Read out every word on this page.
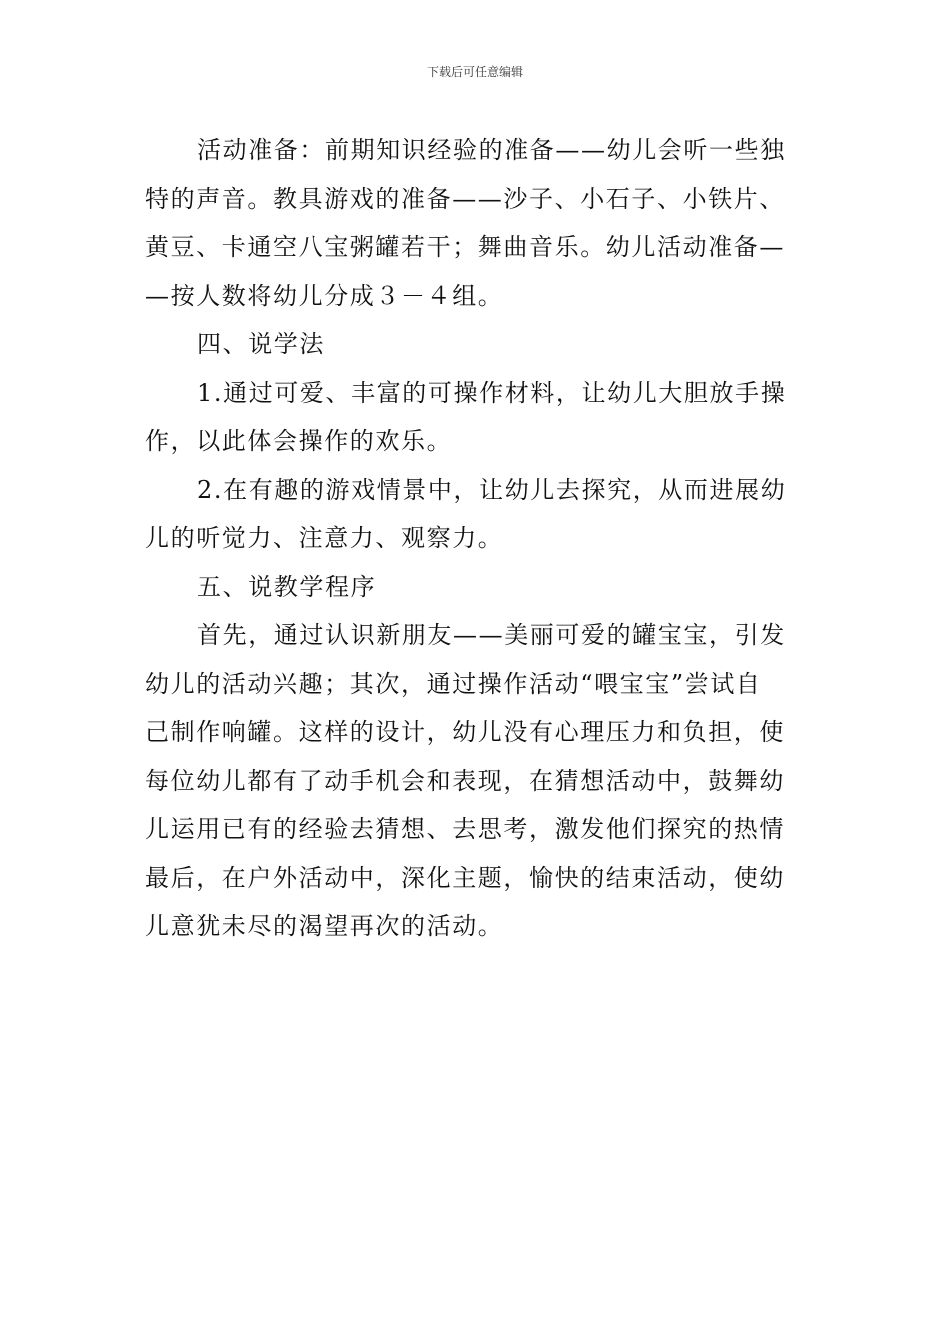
下载后可任意编辑
活动准备：前期知识经验的准备——幼儿会听一些独
特的声音。教具游戏的准备——沙子、小石子、小铁片、
黄豆、卡通空八宝粥罐若干；舞曲音乐。幼儿活动准备—
—按人数将幼儿分成３－４组。
四、说学法
1.通过可爱、丰富的可操作材料，让幼儿大胆放手操
作，以此体会操作的欢乐。
2.在有趣的游戏情景中，让幼儿去探究，从而进展幼
儿的听觉力、注意力、观察力。
五、说教学程序
首先，通过认识新朋友——美丽可爱的罐宝宝，引发
幼儿的活动兴趣；其次，通过操作活动“喂宝宝”尝试自
己制作响罐。这样的设计，幼儿没有心理压力和负担，使
每位幼儿都有了动手机会和表现，在猜想活动中，鼓舞幼
儿运用已有的经验去猜想、去思考，激发他们探究的热情
最后，在户外活动中，深化主题，愉快的结束活动，使幼
儿意犹未尽的渴望再次的活动。
